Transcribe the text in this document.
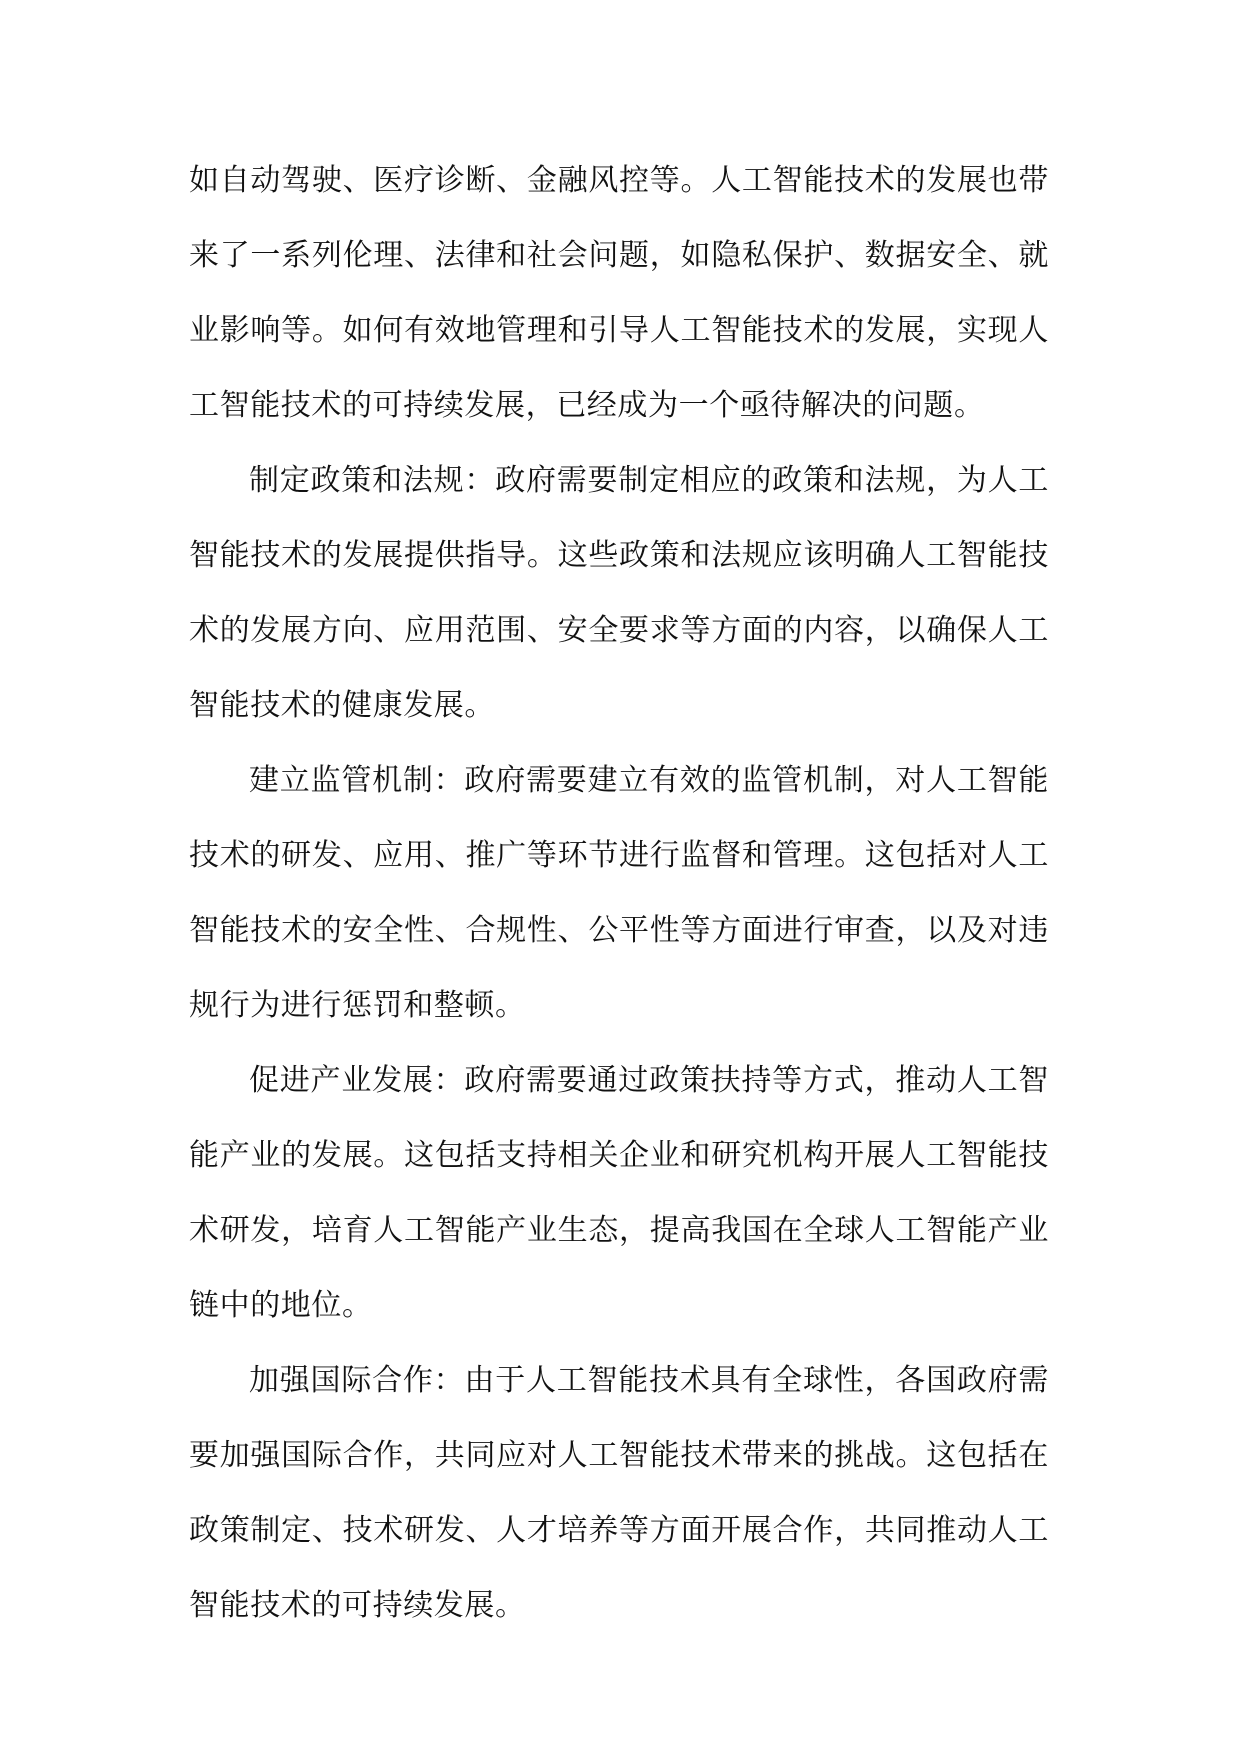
如自动驾驶、医疗诊断、金融风控等。人工智能技术的发展也带来了一系列伦理、法律和社会问题，如隐私保护、数据安全、就业影响等。如何有效地管理和引导人工智能技术的发展，实现人工智能技术的可持续发展，已经成为一个亟待解决的问题。

制定政策和法规：政府需要制定相应的政策和法规，为人工智能技术的发展提供指导。这些政策和法规应该明确人工智能技术的发展方向、应用范围、安全要求等方面的内容，以确保人工智能技术的健康发展。

建立监管机制：政府需要建立有效的监管机制，对人工智能技术的研发、应用、推广等环节进行监督和管理。这包括对人工智能技术的安全性、合规性、公平性等方面进行审查，以及对违规行为进行惩罚和整顿。

促进产业发展：政府需要通过政策扶持等方式，推动人工智能产业的发展。这包括支持相关企业和研究机构开展人工智能技术研发，培育人工智能产业生态，提高我国在全球人工智能产业链中的地位。

加强国际合作：由于人工智能技术具有全球性，各国政府需要加强国际合作，共同应对人工智能技术带来的挑战。这包括在政策制定、技术研发、人才培养等方面开展合作，共同推动人工智能技术的可持续发展。
